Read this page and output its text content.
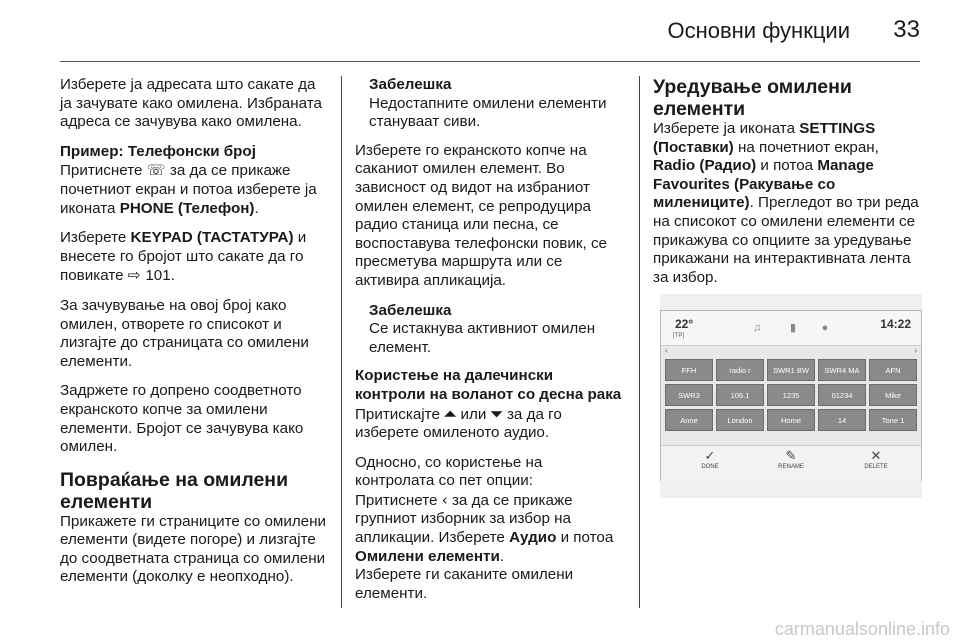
Основни функции 33

Изберете ја адресата што сакате да ја зачувате како омилена. Избраната адреса се зачувува како омилена.

Пример: Телефонски број

Притиснете ☏ за да се прикаже почетниот екран и потоа изберете ја иконата PHONE (Телефон).

Изберете KEYPAD (ТАСТАТУРА) и внесете го бројот што сакате да го повикате ⇨ 101.

За зачувување на овој број како омилен, отворете го списокот и лизгајте до страницата со омилени елементи.

Задржете го допрено соодветното екранското копче за омилени елементи. Бројот се зачувува како омилен.

Повраќање на омилени елементи

Прикажете ги страниците со омилени елементи (видете погоре) и лизгајте до соодветната страница со омилени елементи (доколку е неопходно).

Забелешка
Недостапните омилени елементи стануваат сиви.

Изберете го екранското копче на саканиот омилен елемент. Во зависност од видот на избраниот омилен елемент, се репродуцира радио станица или песна, се воспоставува телефонски повик, се пресметува маршрута или се активира апликација.

Забелешка
Се истакнува активниот омилен елемент.

Користење на далечински контроли на воланот со десна рака

Притискајте ⏶ или ⏷ за да го изберете омиленото аудио.

Односно, со користење на контролата со пет опции:

Притиснете ‹ за да се прикаже групниот изборник за избор на апликации. Изберете Аудио и потоа Омилени елементи.

Изберете ги саканите омилени елементи.

Уредување омилени елементи

Изберете ја иконата SETTINGS (Поставки) на почетниот екран, Radio (Радио) и потоа Manage Favourites (Ракување со милениците). Прегледот во три реда на списокот со омилени елементи се прикажува со опциите за уредување прикажани на интерактивната лента за избор.

22°
[TP]
♫	▮	●	14:22
‹	›
FFH	radio r	SWR1 BW	SWR4 MA	AFN
SWR3	106.1	1235	01234	Mike
Anne	London	Home	14	Tone 1
✓
DONE
✎
RENAME
✕
DELETE
carmanualsonline.info
